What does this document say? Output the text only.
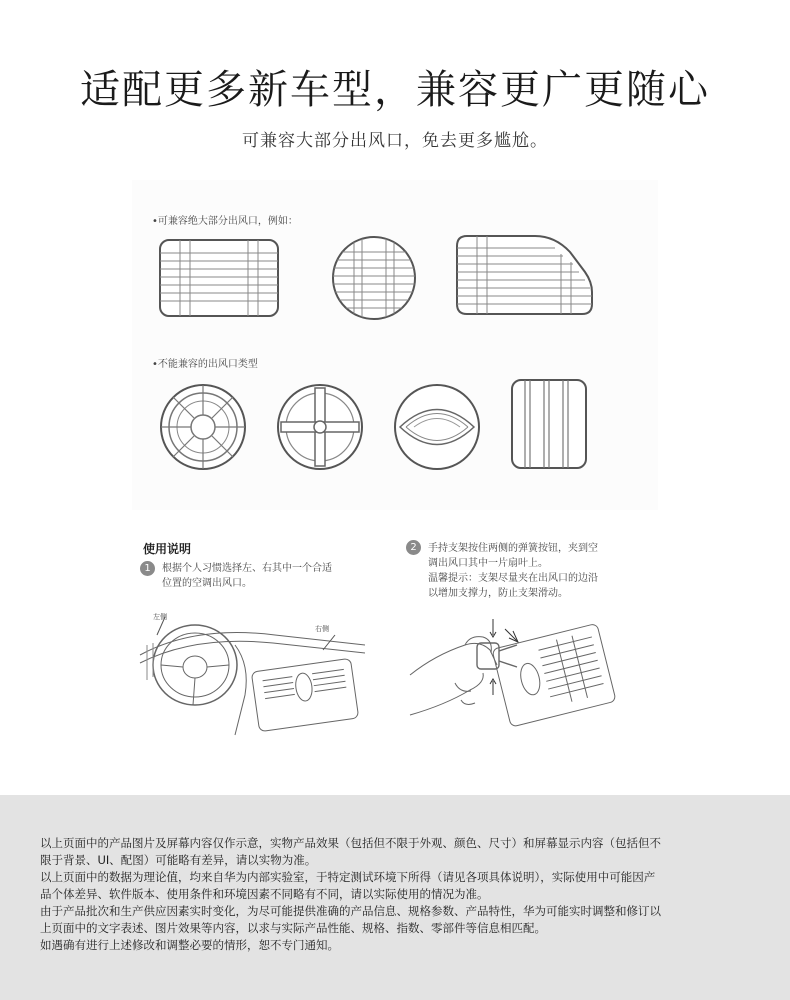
适配更多新车型，兼容更广更随心
可兼容大部分出风口，免去更多尴尬。
•可兼容绝大部分出风口，例如：
•不能兼容的出风口类型
使用说明
1	根据个人习惯选择左、右其中一个合适
位置的空调出风口。
2	手持支架按住两侧的弹簧按钮，夹到空
调出风口其中一片扇叶上。
温馨提示：支架尽量夹在出风口的边沿
以增加支撑力，防止支架滑动。
左侧
右侧

以上页面中的产品图片及屏幕内容仅作示意，实物产品效果（包括但不限于外观、颜色、尺寸）和屏幕显示内容（包括但不

限于背景、UI、配图）可能略有差异，请以实物为准。

以上页面中的数据为理论值，均来自华为内部实验室，于特定测试环境下所得（请见各项具体说明），实际使用中可能因产

品个体差异、软件版本、使用条件和环境因素不同略有不同，请以实际使用的情况为准。

由于产品批次和生产供应因素实时变化，为尽可能提供准确的产品信息、规格参数、产品特性，华为可能实时调整和修订以

上页面中的文字表述、图片效果等内容，以求与实际产品性能、规格、指数、零部件等信息相匹配。

如遇确有进行上述修改和调整必要的情形，恕不专门通知。
